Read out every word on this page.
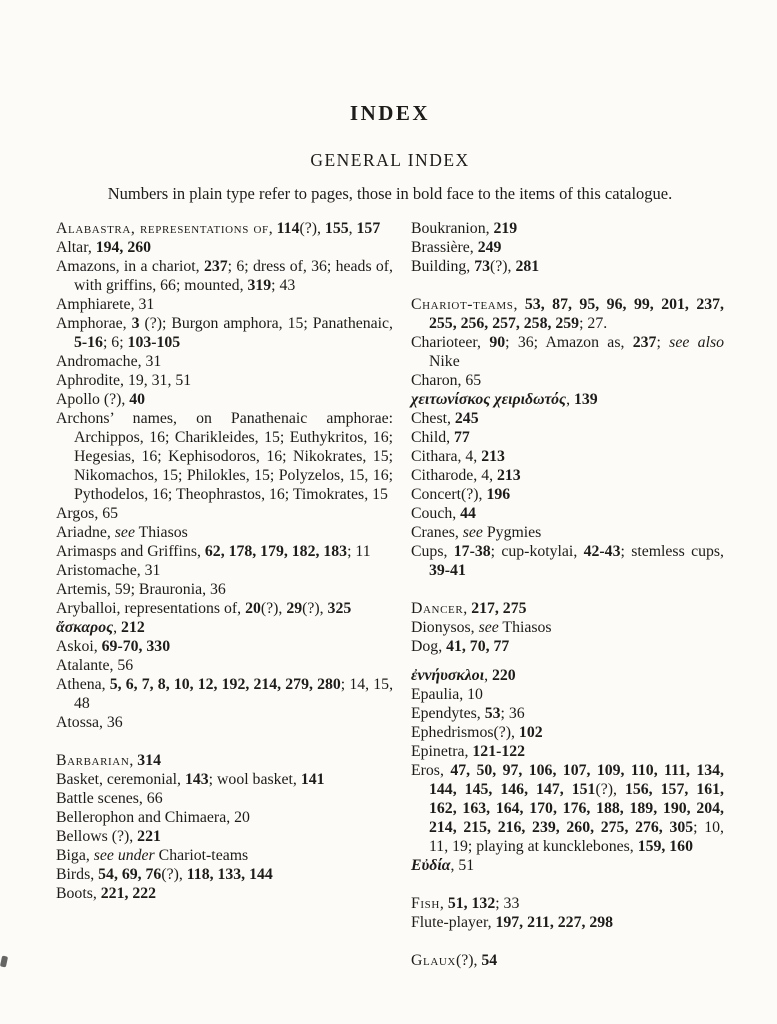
INDEX
GENERAL INDEX

Numbers in plain type refer to pages, those in bold face to the items of this catalogue.

Alabastra, representations of, 114(?), 155, 157

Altar, 194, 260

Amazons, in a chariot, 237; 6; dress of, 36; heads of, with griffins, 66; mounted, 319; 43

Amphiarete, 31

Amphorae, 3 (?); Burgon amphora, 15; Panathenaic, 5-16; 6; 103-105

Andromache, 31

Aphrodite, 19, 31, 51

Apollo (?), 40

Archons’ names, on Panathenaic amphorae: Archippos, 16; Charikleides, 15; Euthykritos, 16; Hegesias, 16; Kephisodoros, 16; Nikokrates, 15; Nikomachos, 15; Philokles, 15; Polyzelos, 15, 16; Pythodelos, 16; Theophrastos, 16; Timokrates, 15

Argos, 65

Ariadne, see Thiasos

Arimasps and Griffins, 62, 178, 179, 182, 183; 11

Aristomache, 31

Artemis, 59; Brauronia, 36

Aryballoi, representations of, 20(?), 29(?), 325

ἄσκαρος, 212

Askoi, 69-70, 330

Atalante, 56

Athena, 5, 6, 7, 8, 10, 12, 192, 214, 279, 280; 14, 15, 48

Atossa, 36

Barbarian, 314

Basket, ceremonial, 143; wool basket, 141

Battle scenes, 66

Bellerophon and Chimaera, 20

Bellows (?), 221

Biga, see under Chariot-teams

Birds, 54, 69, 76(?), 118, 133, 144

Boots, 221, 222

Boukranion, 219

Brassière, 249

Building, 73(?), 281

Chariot-teams, 53, 87, 95, 96, 99, 201, 237, 255, 256, 257, 258, 259; 27.

Charioteer, 90; 36; Amazon as, 237; see also Nike

Charon, 65

χειτωνίσκος χειριδωτός, 139

Chest, 245

Child, 77

Cithara, 4, 213

Citharode, 4, 213

Concert(?), 196

Couch, 44

Cranes, see Pygmies

Cups, 17-38; cup-kotylai, 42-43; stemless cups, 39-41

Dancer, 217, 275

Dionysos, see Thiasos

Dog, 41, 70, 77

ἐννήυσκλοι, 220

Epaulia, 10

Ependytes, 53; 36

Ephedrismos(?), 102

Epinetra, 121-122

Eros, 47, 50, 97, 106, 107, 109, 110, 111, 134, 144, 145, 146, 147, 151(?), 156, 157, 161, 162, 163, 164, 170, 176, 188, 189, 190, 204, 214, 215, 216, 239, 260, 275, 276, 305; 10, 11, 19; playing at kuncklebones, 159, 160

Εὐδία, 51

Fish, 51, 132; 33

Flute-player, 197, 211, 227, 298

Glaux(?), 54
